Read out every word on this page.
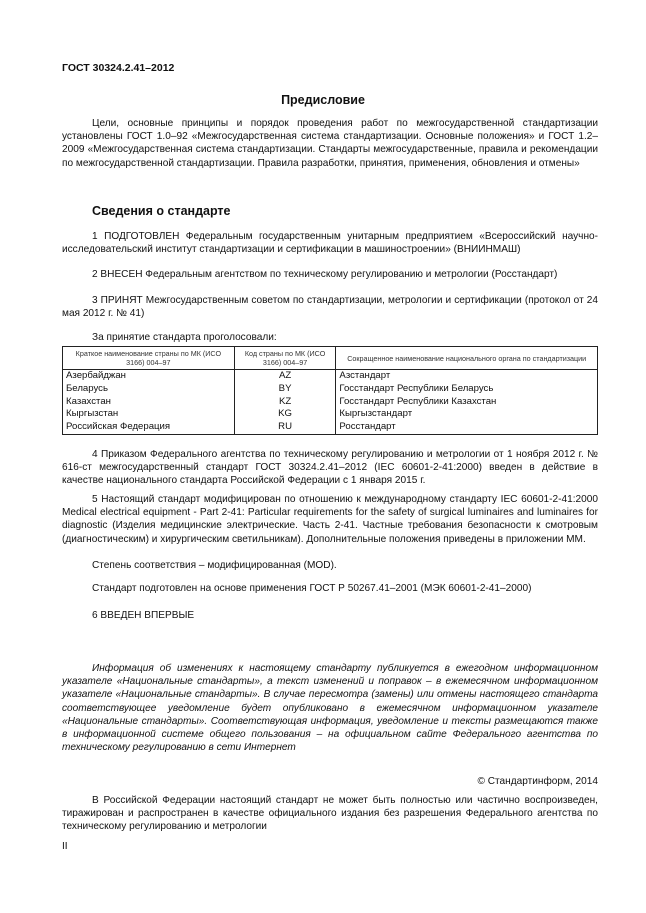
ГОСТ 30324.2.41–2012
Предисловие

Цели, основные принципы и порядок проведения работ по межгосударственной стандартизации установлены ГОСТ 1.0–92 «Межгосударственная система стандартизации. Основные положения» и ГОСТ 1.2–2009 «Межгосударственная система стандартизации. Стандарты межгосударственные, правила и рекомендации по межгосударственной стандартизации. Правила разработки, принятия, применения, обновления и отмены»

Сведения о стандарте

1 ПОДГОТОВЛЕН Федеральным государственным унитарным предприятием «Всероссийский научно-исследовательский институт стандартизации и сертификации в машиностроении» (ВНИИНМАШ)

2 ВНЕСЕН Федеральным агентством по техническому регулированию и метрологии (Росстандарт)

3 ПРИНЯТ Межгосударственным советом по стандартизации, метрологии и сертификации (протокол от 24 мая 2012 г. № 41)

За принятие стандарта проголосовали:
Краткое наименование страны по МК (ИСО 3166) 004–97	Код страны по МК (ИСО 3166) 004–97	Сокращенное наименование национального органа по стандартизации
Азербайджан	AZ	Азстандарт
Беларусь	BY	Госстандарт Республики Беларусь
Казахстан	KZ	Госстандарт Республики Казахстан
Кыргызстан	KG	Кыргызстандарт
Российская Федерация	RU	Росстандарт

4 Приказом Федерального агентства по техническому регулированию и метрологии от 1 ноября 2012 г. № 616-ст межгосударственный стандарт ГОСТ 30324.2.41–2012 (IEC 60601-2-41:2000) введен в действие в качестве национального стандарта Российской Федерации с 1 января 2015 г.

5 Настоящий стандарт модифицирован по отношению к международному стандарту IEC 60601-2-41:2000 Medical electrical equipment - Part 2-41: Particular requirements for the safety of surgical luminaires and luminaires for diagnostic (Изделия медицинские электрические. Часть 2-41. Частные требования безопасности к смотровым (диагностическим) и хирургическим светильникам). Дополнительные положения приведены в приложении ММ.

Степень соответствия – модифицированная (MOD).
Стандарт подготовлен на основе применения ГОСТ Р 50267.41–2001 (МЭК 60601-2-41–2000)
6 ВВЕДЕН ВПЕРВЫЕ

Информация об изменениях к настоящему стандарту публикуется в ежегодном информационном указателе «Национальные стандарты», а текст изменений и поправок – в ежемесячном информационном указателе «Национальные стандарты». В случае пересмотра (замены) или отмены настоящего стандарта соответствующее уведомление будет опубликовано в ежемесячном информационном указателе «Национальные стандарты». Соответствующая информация, уведомление и тексты размещаются также в информационной системе общего пользования – на официальном сайте Федерального агентства по техническому регулированию в сети Интернет

© Стандартинформ, 2014

В Российской Федерации настоящий стандарт не может быть полностью или частично воспроизведен, тиражирован и распространен в качестве официального издания без разрешения Федерального агентства по техническому регулированию и метрологии

II
